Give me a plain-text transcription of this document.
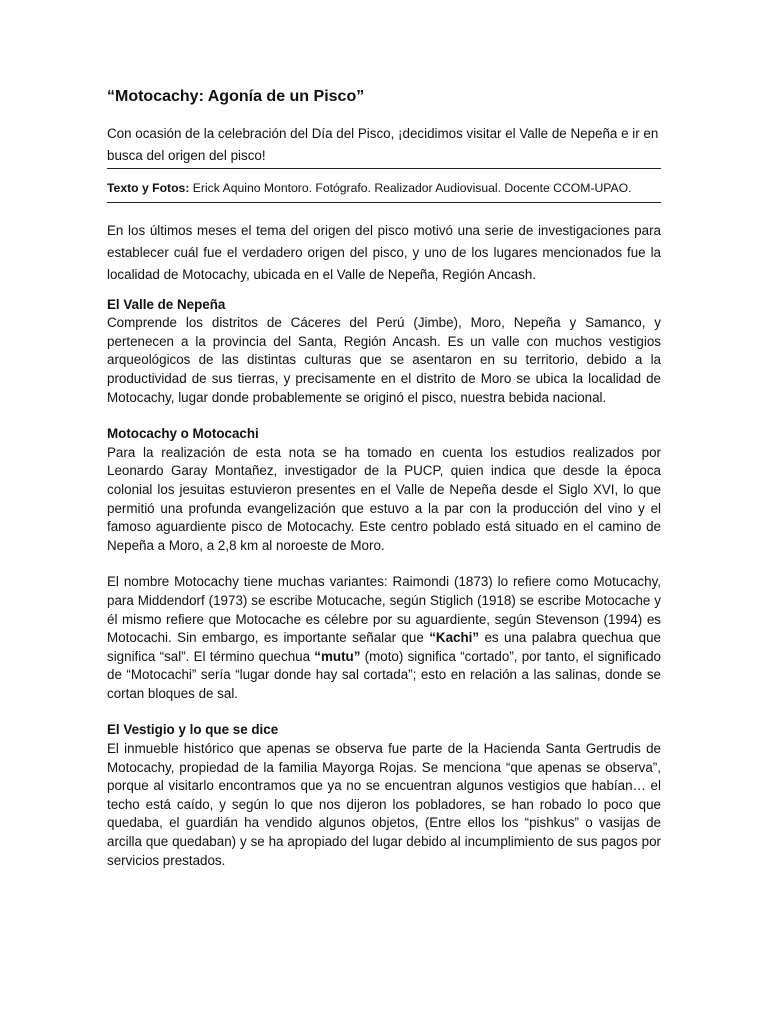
“Motocachy: Agonía de un Pisco”

Con ocasión de la celebración del Día del Pisco, ¡decidimos visitar el Valle de Nepeña e ir en busca del origen del pisco!

Texto y Fotos: Erick Aquino Montoro. Fotógrafo. Realizador Audiovisual. Docente CCOM-UPAO.

En los últimos meses el tema del origen del pisco motivó una serie de investigaciones para establecer cuál fue el verdadero origen del pisco, y uno de los lugares mencionados fue la localidad de Motocachy, ubicada en el Valle de Nepeña, Región Ancash.

El Valle de Nepeña

Comprende los distritos de Cáceres del Perú (Jimbe), Moro, Nepeña y Samanco, y pertenecen a la provincia del Santa, Región Ancash. Es un valle con muchos vestigios arqueológicos de las distintas culturas que se asentaron en su territorio, debido a la productividad de sus tierras, y precisamente en el distrito de Moro se ubica la localidad de Motocachy, lugar donde probablemente se originó el pisco, nuestra bebida nacional.

Motocachy o Motocachi

Para la realización de esta nota se ha tomado en cuenta los estudios realizados por Leonardo Garay Montañez, investigador de la PUCP, quien indica que desde la época colonial los jesuitas estuvieron presentes en el Valle de Nepeña desde el Siglo XVI, lo que permitió una profunda evangelización que estuvo a la par con la producción del vino y el famoso aguardiente pisco de Motocachy. Este centro poblado está situado en el camino de Nepeña a Moro, a 2,8 km al noroeste de Moro.

El nombre Motocachy tiene muchas variantes: Raimondi (1873) lo refiere como Motucachy, para Middendorf (1973) se escribe Motucache, según Stiglich (1918) se escribe Motocache y él mismo refiere que Motocache es célebre por su aguardiente, según Stevenson (1994) es Motocachi. Sin embargo, es importante señalar que “Kachi” es una palabra quechua que significa “sal”. El término quechua “mutu” (moto) significa “cortado”, por tanto, el significado de “Motocachi” sería “lugar donde hay sal cortada”; esto en relación a las salinas, donde se cortan bloques de sal.

El Vestigio y lo que se dice

El inmueble histórico que apenas se observa fue parte de la Hacienda Santa Gertrudis de Motocachy, propiedad de la familia Mayorga Rojas. Se menciona “que apenas se observa”, porque al visitarlo encontramos que ya no se encuentran algunos vestigios que habían… el techo está caído, y según lo que nos dijeron los pobladores, se han robado lo poco que quedaba, el guardián ha vendido algunos objetos, (Entre ellos los “pishkus” o vasijas de arcilla que quedaban) y se ha apropiado del lugar debido al incumplimiento de sus pagos por servicios prestados.
